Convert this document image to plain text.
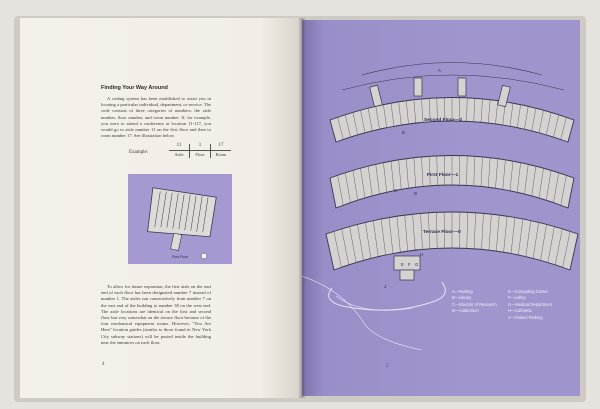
Finding Your Way Around

A coding system has been established to assist you in locating a particular individual, department, or service. The code consists of three categories of numbers: the aisle number, floor number, and room number. If, for example, you were to attend a conference at location 11-117, you would go to aisle number 11 on the first floor and then to room number 17. See illustration below.

Example:
11
Aisle
1
Floor
17
Room
First Floor

To allow for future expansion, the first aisle on the east end of each floor has been designated number 7 instead of number 1. The aisles run consecutively from number 7 on the east end of the building to number 38 on the west end. The aisle locations are identical on the first and second floor but vary somewhat on the terrace floor because of the four mechanical equipment rooms. However, "You Are Here" location guides (similar to those found in New York City subway stations) will be posted inside the building near the entrances on each floor.

4
A
B
C
D
E F G
H
J
Second Floor—2
First Floor—1
Terrace Floor—0
A—Parking
B—Library
C—Director of Research
D—Auditorium
E—Computing Center
F—Lobby
G—Medical Department
H—Cafeteria
J—Visitors Parking
5
